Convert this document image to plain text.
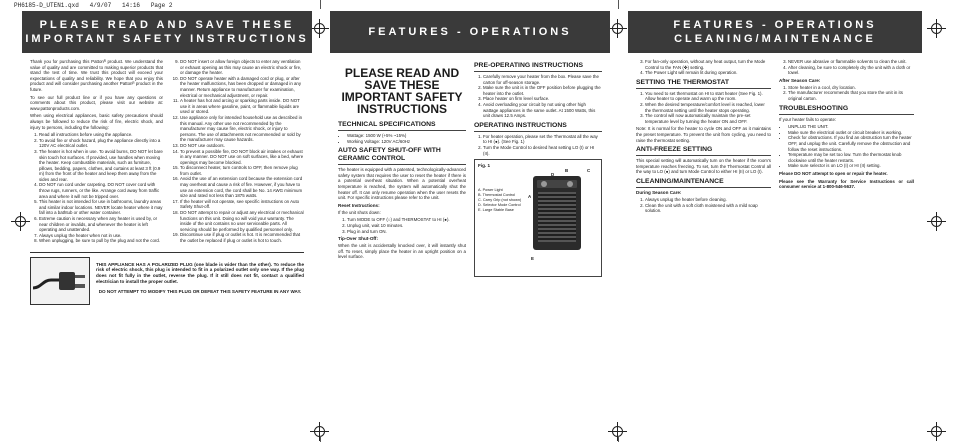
PH6185-D_UTEN1.qxd   4/9/07   14:16   Page 2
PLEASE READ AND SAVE THESE
IMPORTANT SAFETY INSTRUCTIONS

Thank you for purchasing this Pattonᴿ product. We understand the value of quality and are committed to making superior products that stand the test of time. We trust this product will exceed your expectations of quality and reliability. We hope that you enjoy this product and will consider purchasing another Pattonᴿ product in the future.

To see our full product line or if you have any questions or comments about this product, please visit our website at: www.pattonproducts.com.

When using electrical appliances, basic safety precautions should always be followed to reduce the risk of fire, electric shock, and injury to persons, including the following:

1. Read all instructions before using the appliance.
2. To avoid fire or shock hazard, plug the appliance directly into a 120V AC electrical outlet.
3. The heater is hot when in use. To avoid burns, DO NOT let bare skin touch hot surfaces. If provided, use handles when moving the heater. Keep combustible materials, such as furniture, pillows, bedding, papers, clothes, and curtains at least 3 ft (0.9 m) from the front of the heater and keep them away from the sides and rear.
4. DO NOT run cord under carpeting. DO NOT cover cord with throw rugs, runners, or the like. Arrange cord away from traffic area and where it will not be tripped over.
5. This heater is not intended for use in bathrooms, laundry areas and similar indoor locations. NEVER locate heater where it may fall into a bathtub or other water container.
6. Extreme caution is necessary when any heater is used by, or near children or invalids, and whenever the heater is left operating and unattended.
7. Always unplug the heater when not in use.
8. When unplugging, be sure to pull by the plug and not the cord.
9. DO NOT insert or allow foreign objects to enter any ventilation or exhaust opening as this may cause an electric shock or fire, or damage the heater.
10. DO NOT operate heater with a damaged cord or plug, or after the heater malfunctions, has been dropped or damaged in any manner. Return appliance to manufacturer for examination, electrical or mechanical adjustment, or repair.
11. A heater has hot and arcing or sparking parts inside. DO NOT use it in areas where gasoline, paint, or flammable liquids are used or stored.
12. Use appliance only for intended household use as described in this manual. Any other use not recommended by the manufacturer may cause fire, electric shock, or injury to persons. The use of attachments not recommended or sold by the manufacturer may cause hazards.
13. DO NOT use outdoors.
14. To prevent a possible fire, DO NOT block air intakes or exhaust in any manner. DO NOT use on soft surfaces, like a bed, where openings may become blocked.
15. To disconnect heater, turn controls to OFF, then remove plug from outlet.
16. Avoid the use of an extension cord because the extension cord may overheat and cause a risk of fire. However, if you have to use an extension cord, the cord shall be No. 14 AWG minimum size and rated not less than 1875 watts.
17. If the heater will not operate, see specific instructions on Auto Safety Shut-off.
18. DO NOT attempt to repair or adjust any electrical or mechanical functions on this unit. Doing so will void your warranty. The inside of the unit contains no user serviceable parts. All servicing should be performed by qualified personnel only.
19. Discontinue use if plug or outlet is hot. It is recommended that the outlet be replaced if plug or outlet is hot to touch.

THIS APPLIANCE HAS A POLARIZED PLUG (one blade is wider than the other). To reduce the risk of electric shock, this plug is intended to fit in a polarized outlet only one way. If the plug does not fit fully in the outlet, reverse the plug. If it still does not fit, contact a qualified electrician to install the proper outlet.

DO NOT ATTEMPT TO MODIFY THIS PLUG OR DEFEAT THIS SAFETY FEATURE IN ANY WAY.

FEATURES - OPERATIONS
PLEASE READ AND SAVE THESE IMPORTANT SAFETY INSTRUCTIONS
TECHNICAL SPECIFICATIONS
• Wattage: 1500 W (+5% ~15%)
• Working Voltage: 120V AC/60Hz
AUTO SAFETY SHUT-OFF WITH CERAMIC CONTROL

The heater is equipped with a patented, technologically-advanced safety system that requires the user to reset the heater if there is a potential overheat situation. When a potential overheat temperature is reached, the system will automatically shut the heater off. It can only resume operation when the user resets the unit. For specific instructions please refer to the unit.

Reset Instructions:

If the unit shuts down:

1. Turn MODE to OFF (○) and THERMOSTAT to HI (●).
2. Unplug unit, wait 10 minutes.
3. Plug in and turn ON.
Tip-Over Shut-Off:

When the unit is accidentally knocked over, it will instantly shut off. To reset, simply place the heater in an upright position on a level surface.

PRE-OPERATING INSTRUCTIONS
1. Carefully remove your heater from the box. Please save the carton for off-season storage.
2. Make sure the unit is in the OFF position before plugging the heater into the outlet.
3. Place heater on firm level surface.
4. Avoid overloading your circuit by not using other high wattage appliances in the same outlet. At 1500 Watts, this unit draws 12.5 Amps.
OPERATING INSTRUCTIONS
1. For heater operation, please set the Thermostat all the way to HI (●). (See Fig. 1)
2. Turn the Mode Control to desired heat setting LO (I) or HI (II).
Fig. 1
A. Power Light
B. Thermostat Control
C. Carry Grip (not shown)
D. Selector Mode Control
E. Large Stable Base
A
B	C
D
E
FEATURES - OPERATIONS
CLEANING/MAINTENANCE
3. For fan-only operation, without any heat output, turn the Mode Control to the FAN (✤) setting.
4. The Power Light will remain lit during operation.
SETTING THE THERMOSTAT
1. You need to set thermostat on HI to start heater (See Fig. 1). Allow heater to operate and warm up the room.
2. When the desired temperature/comfort level is reached, lower the thermostat setting until the heater stops operating.
3. The control will now automatically maintain the pre-set temperature level by turning the heater ON and OFF.

Note: It is normal for the heater to cycle ON and OFF as it maintains the preset temperature. To prevent the unit from cycling, you need to raise the thermostat setting.

ANTI-FREEZE SETTING

This special setting will automatically turn on the heater if the room's temperature reaches freezing. To set, turn the Thermostat Control all the way to LO (●) and turn Mode Control to either HI (II) or LO (I).

CLEANING/MAINTENANCE
During Season Care:
1. Always unplug the heater before cleaning.
2. Clean the unit with a soft cloth moistened with a mild soap solution.
3. NEVER use abrasive or flammable solvents to clean the unit.
4. After cleaning, be sure to completely dry the unit with a cloth or towel.
After Season Care:
1. Store heater in a cool, dry location.
2. The manufacturer recommends that you store the unit in its original carton.
TROUBLESHOOTING

If your heater fails to operate:

• UNPLUG THE UNIT.
• Make sure the electrical outlet or circuit breaker is working.
• Check for obstructions. If you find an obstruction turn the heater OFF, and unplug the unit. Carefully remove the obstruction and follow the reset instructions.
• Temperature may be set too low. Turn the thermostat knob clockwise until the heater restarts.
• Make sure selector is on LO (I) or HI (II) setting.

Please DO NOT attempt to open or repair the heater.

Please see the Warranty for Service Instructions or call consumer service at 1-800-546-5637.
